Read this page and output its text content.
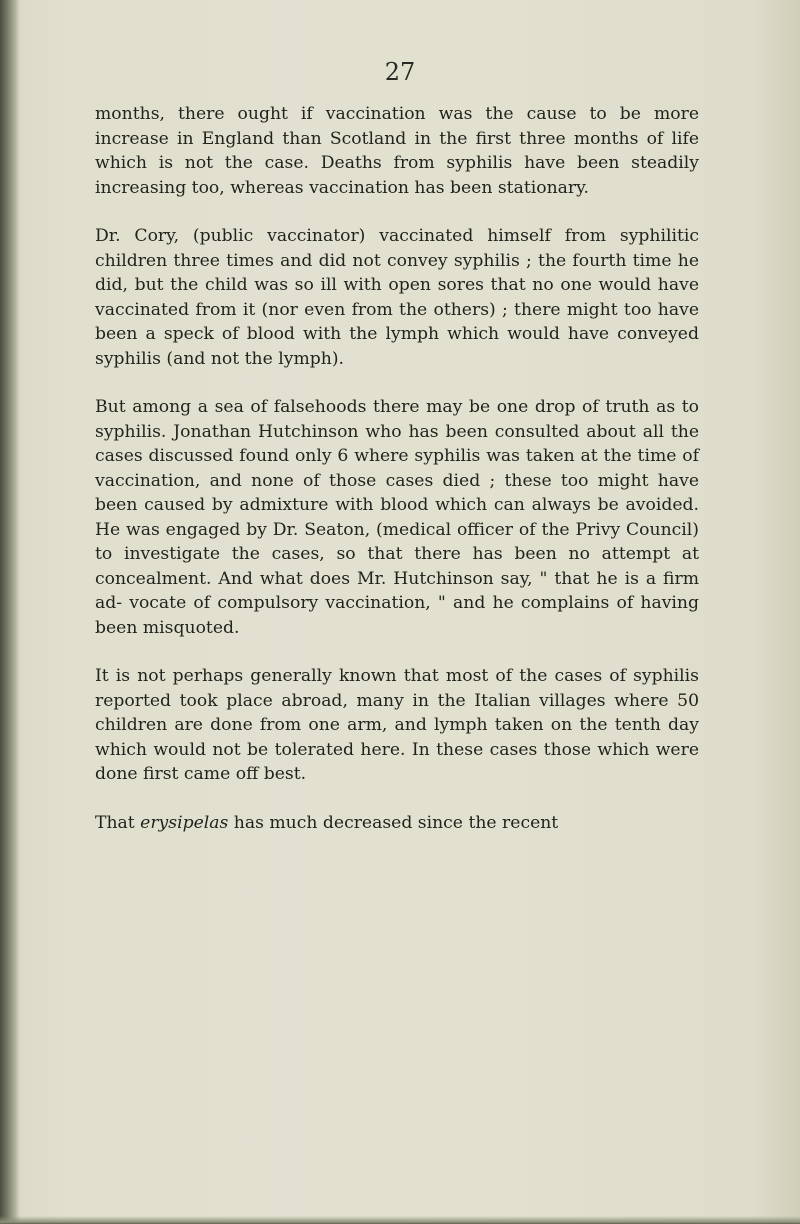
27

months, there ought if vaccination was the cause to be more increase in England than Scotland in the first three months of life which is not the case. Deaths from syphilis have been steadily increasing too, whereas vaccination has been stationary.

Dr. Cory, (public vaccinator) vaccinated himself from syphilitic children three times and did not convey syphilis ; the fourth time he did, but the child was so ill with open sores that no one would have vaccinated from it (nor even from the others) ; there might too have been a speck of blood with the lymph which would have conveyed syphilis (and not the lymph).

But among a sea of falsehoods there may be one drop of truth as to syphilis. Jonathan Hutchinson who has been consulted about all the cases discussed found only 6 where syphilis was taken at the time of vaccination, and none of those cases died ; these too might have been caused by admixture with blood which can always be avoided. He was engaged by Dr. Seaton, (medical officer of the Privy Council) to investigate the cases, so that there has been no attempt at concealment. And what does Mr. Hutchinson say, " that he is a firm ad- vocate of compulsory vaccination, " and he complains of having been misquoted.

It is not perhaps generally known that most of the cases of syphilis reported took place abroad, many in the Italian villages where 50 children are done from one arm, and lymph taken on the tenth day which would not be tolerated here. In these cases those which were done first came off best.

That erysipelas has much decreased since the recent
